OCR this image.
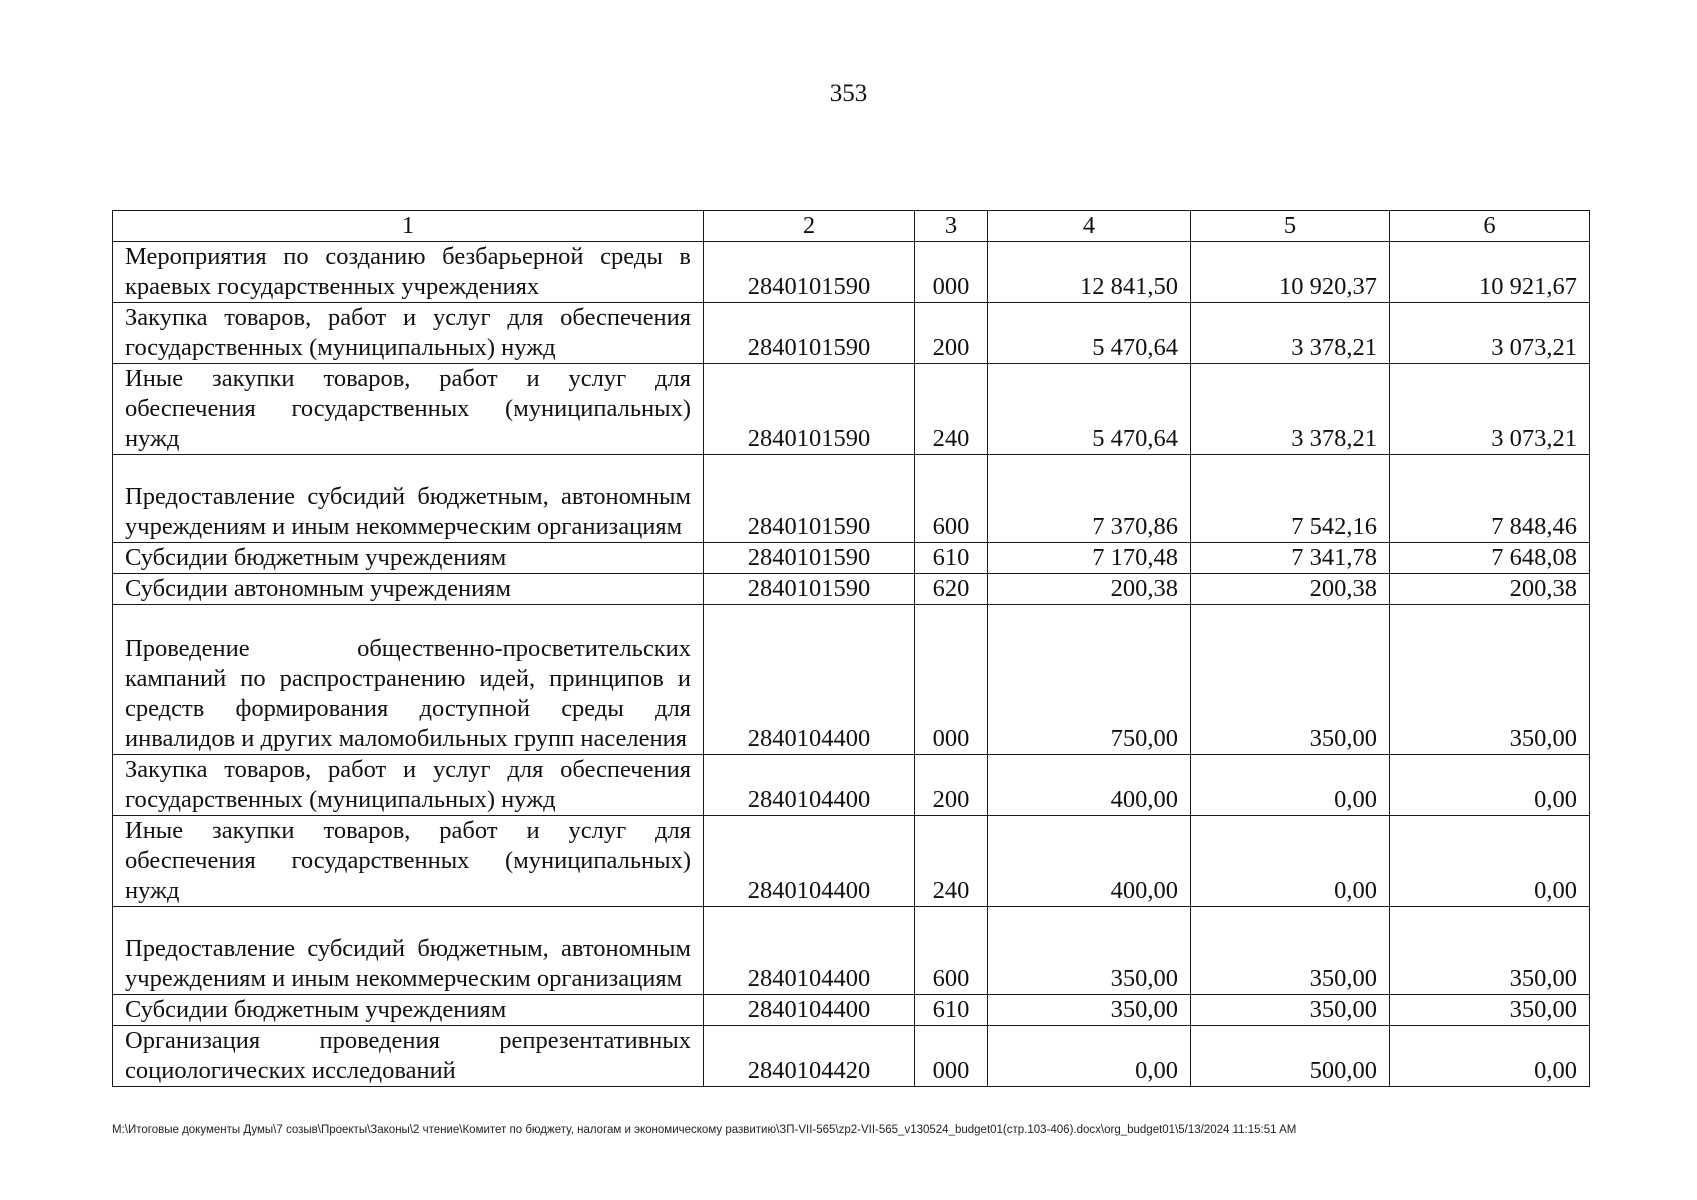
353
1	2	3	4	5	6
Мероприятия по созданию безбарьерной среды в краевых государственных учреждениях	2840101590	000	12 841,50	10 920,37	10 921,67
Закупка товаров, работ и услуг для обеспечения государственных (муниципальных) нужд	2840101590	200	5 470,64	3 378,21	3 073,21
Иные закупки товаров, работ и услуг для обеспечения государственных (муниципальных) нужд	2840101590	240	5 470,64	3 378,21	3 073,21
Предоставление субсидий бюджетным, автономным учреждениям и иным некоммерческим организациям	2840101590	600	7 370,86	7 542,16	7 848,46
Субсидии бюджетным учреждениям	2840101590	610	7 170,48	7 341,78	7 648,08
Субсидии автономным учреждениям	2840101590	620	200,38	200,38	200,38
Проведение общественно-просветительских кампаний по распространению идей, принципов и средств формирования доступной среды для инвалидов и других маломобильных групп населения	2840104400	000	750,00	350,00	350,00
Закупка товаров, работ и услуг для обеспечения государственных (муниципальных) нужд	2840104400	200	400,00	0,00	0,00
Иные закупки товаров, работ и услуг для обеспечения государственных (муниципальных) нужд	2840104400	240	400,00	0,00	0,00
Предоставление субсидий бюджетным, автономным учреждениям и иным некоммерческим организациям	2840104400	600	350,00	350,00	350,00
Субсидии бюджетным учреждениям	2840104400	610	350,00	350,00	350,00
Организация проведения репрезентативных социологических исследований	2840104420	000	0,00	500,00	0,00
M:\Итоговые документы Думы\7 созыв\Проекты\Законы\2 чтение\Комитет по бюджету, налогам и экономическому развитию\ЗП-VII-565\zp2-VII-565_v130524_budget01(стр.103-406).docx\org_budget01\5/13/2024 11:15:51 AM
